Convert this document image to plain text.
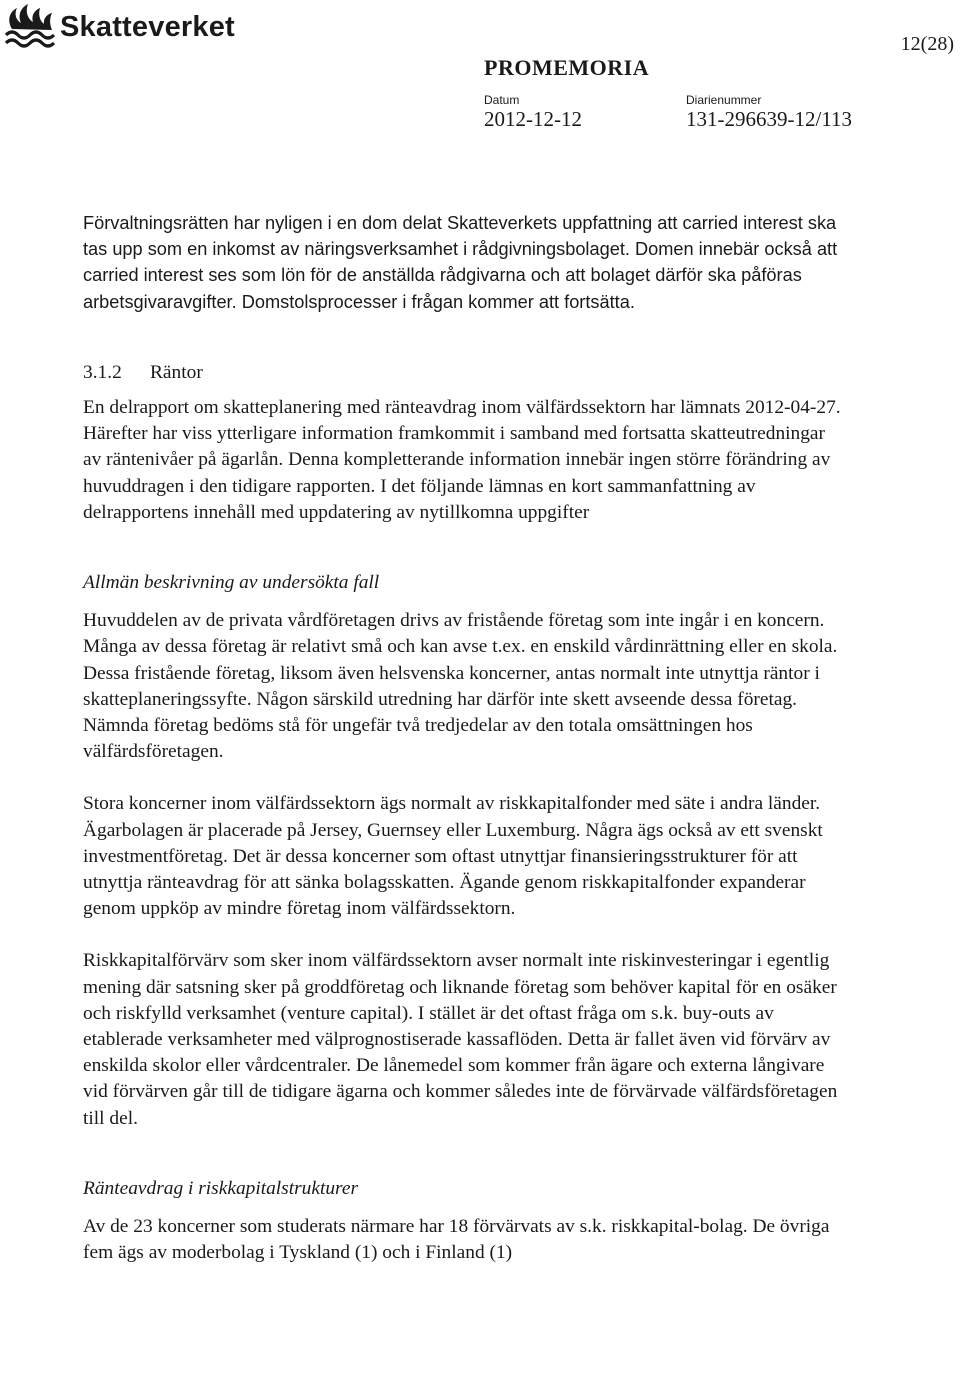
Skatteverket
12(28)
PROMEMORIA
Datum	Diarienummer
2012-12-12	131-296639-12/113

Förvaltningsrätten har nyligen i en dom delat Skatteverkets uppfattning att carried interest ska tas upp som en inkomst av näringsverksamhet i rådgivningsbolaget. Domen innebär också att carried interest ses som lön för de anställda rådgivarna och att bolaget därför ska påföras arbetsgivaravgifter. Domstolsprocesser i frågan kommer att fortsätta.

3.1.2 Räntor

En delrapport om skatteplanering med ränteavdrag inom välfärdssektorn har lämnats 2012-04-27. Härefter har viss ytterligare information framkommit i samband med fortsatta skatteutredningar av räntenivåer på ägarlån. Denna kompletterande information innebär ingen större förändring av huvuddragen i den tidigare rapporten. I det följande lämnas en kort sammanfattning av delrapportens innehåll med uppdatering av nytillkomna uppgifter

Allmän beskrivning av undersökta fall

Huvuddelen av de privata vårdföretagen drivs av fristående företag som inte ingår i en koncern. Många av dessa företag är relativt små och kan avse t.ex. en enskild vårdinrättning eller en skola. Dessa fristående företag, liksom även helsvenska koncerner, antas normalt inte utnyttja räntor i skatteplaneringssyfte. Någon särskild utredning har därför inte skett avseende dessa företag. Nämnda företag bedöms stå för ungefär två tredjedelar av den totala omsättningen hos välfärdsföretagen.

Stora koncerner inom välfärdssektorn ägs normalt av riskkapitalfonder med säte i andra länder. Ägarbolagen är placerade på Jersey, Guernsey eller Luxemburg. Några ägs också av ett svenskt investmentföretag. Det är dessa koncerner som oftast utnyttjar finansieringsstrukturer för att utnyttja ränteavdrag för att sänka bolagsskatten. Ägande genom riskkapitalfonder expanderar genom uppköp av mindre företag inom välfärdssektorn.

Riskkapitalförvärv som sker inom välfärdssektorn avser normalt inte riskinvesteringar i egentlig mening där satsning sker på groddföretag och liknande företag som behöver kapital för en osäker och riskfylld verksamhet (venture capital). I stället är det oftast fråga om s.k. buy-outs av etablerade verksamheter med välprognostiserade kassaflöden. Detta är fallet även vid förvärv av enskilda skolor eller vårdcentraler. De lånemedel som kommer från ägare och externa långivare vid förvärven går till de tidigare ägarna och kommer således inte de förvärvade välfärdsföretagen till del.

Ränteavdrag i riskkapitalstrukturer

Av de 23 koncerner som studerats närmare har 18 förvärvats av s.k. riskkapital-bolag. De övriga fem ägs av moderbolag i Tyskland (1) och i Finland (1)
